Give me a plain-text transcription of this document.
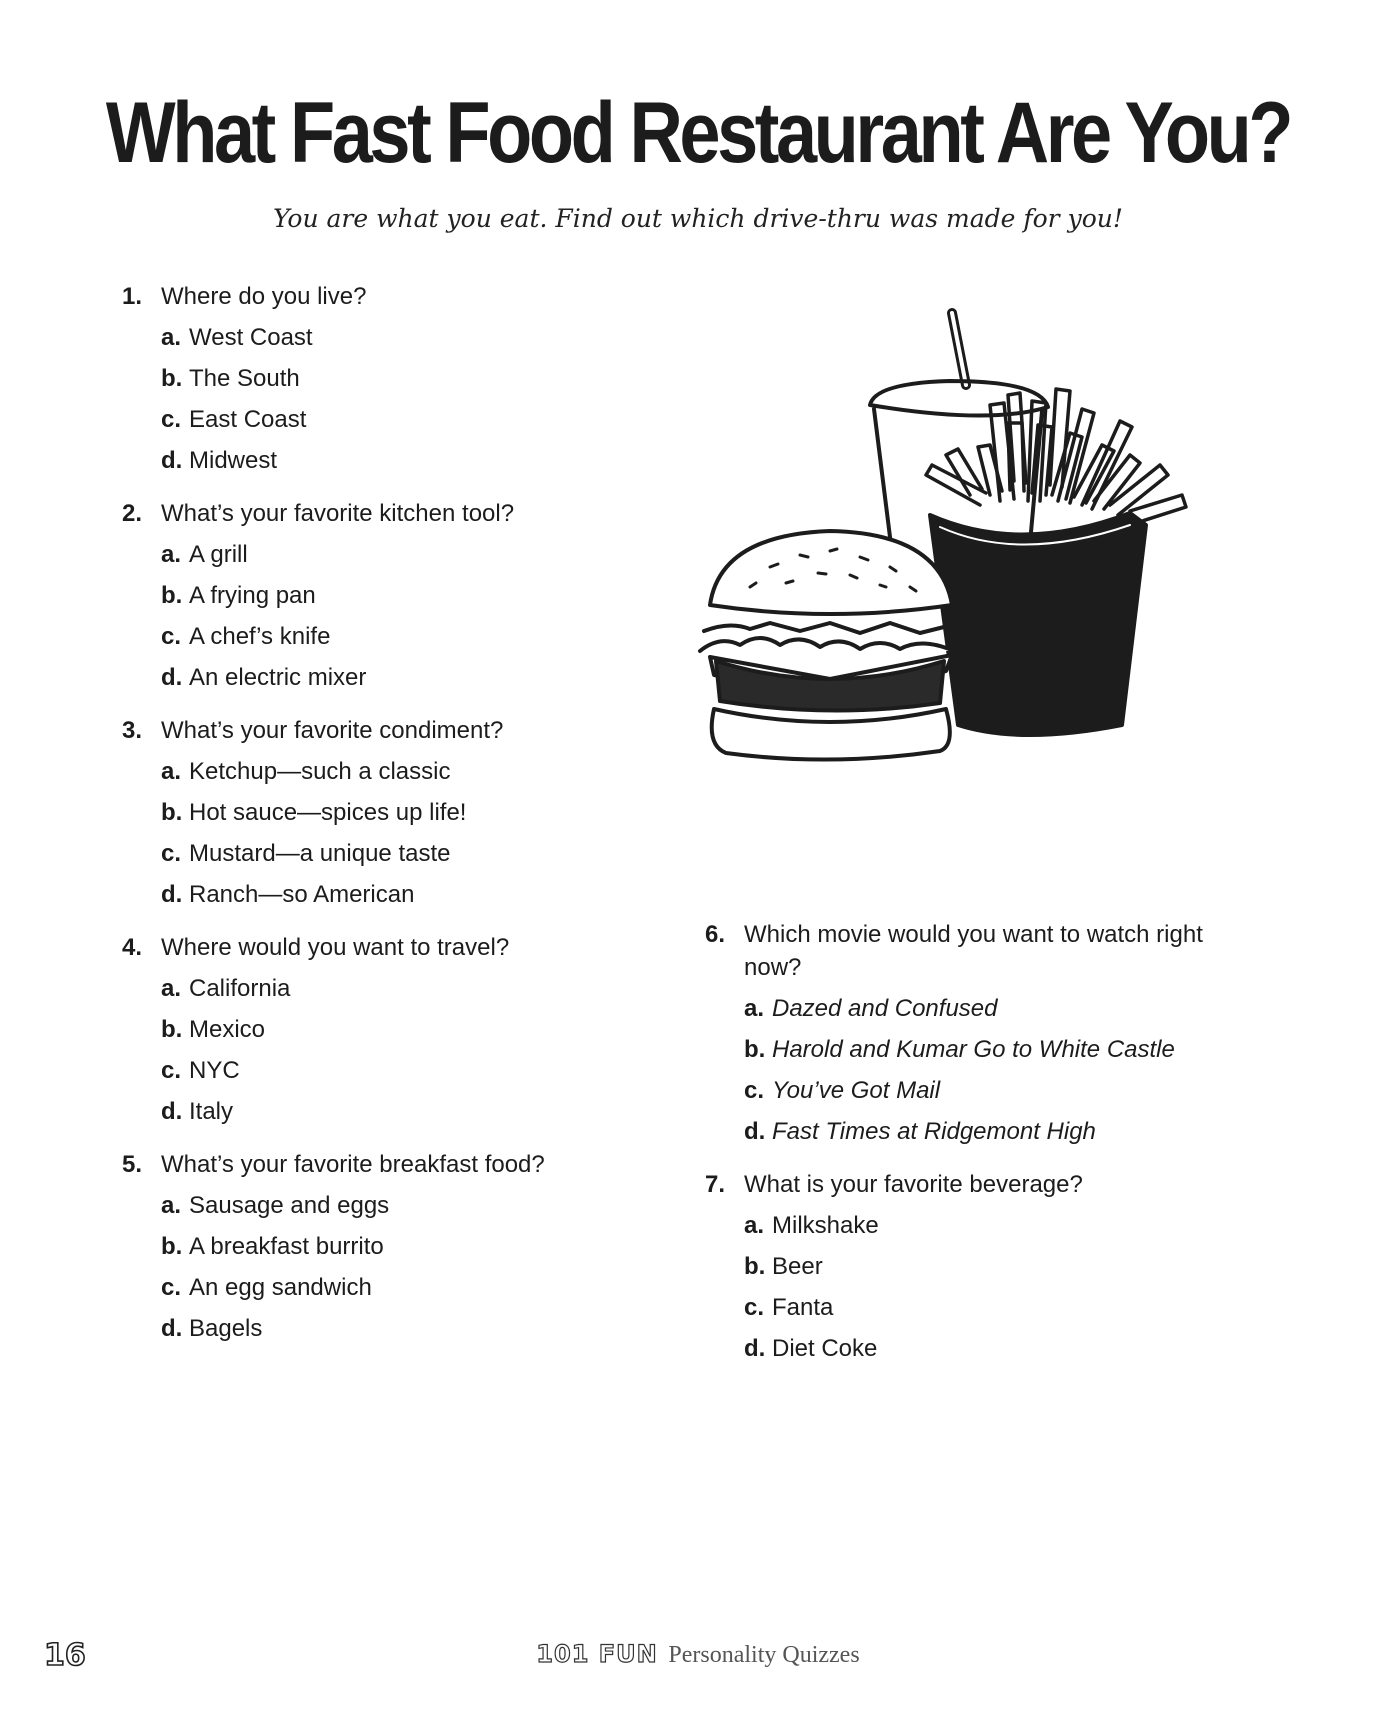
What Fast Food Restaurant Are You?

You are what you eat. Find out which drive-thru was made for you!

1. Where do you live?
a. West Coast
b. The South
c. East Coast
d. Midwest
2. What’s your favorite kitchen tool?
a. A grill
b. A frying pan
c. A chef’s knife
d. An electric mixer
3. What’s your favorite condiment?
a. Ketchup—such a classic
b. Hot sauce—spices up life!
c. Mustard—a unique taste
d. Ranch—so American
4. Where would you want to travel?
a. California
b. Mexico
c. NYC
d. Italy
5. What’s your favorite breakfast food?
a. Sausage and eggs
b. A breakfast burrito
c. An egg sandwich
d. Bagels
6. Which movie would you want to watch right now?
a. Dazed and Confused
b. Harold and Kumar Go to White Castle
c. You’ve Got Mail
d. Fast Times at Ridgemont High
7. What is your favorite beverage?
a. Milkshake
b. Beer
c. Fanta
d. Diet Coke
16	101 FUN Personality Quizzes
